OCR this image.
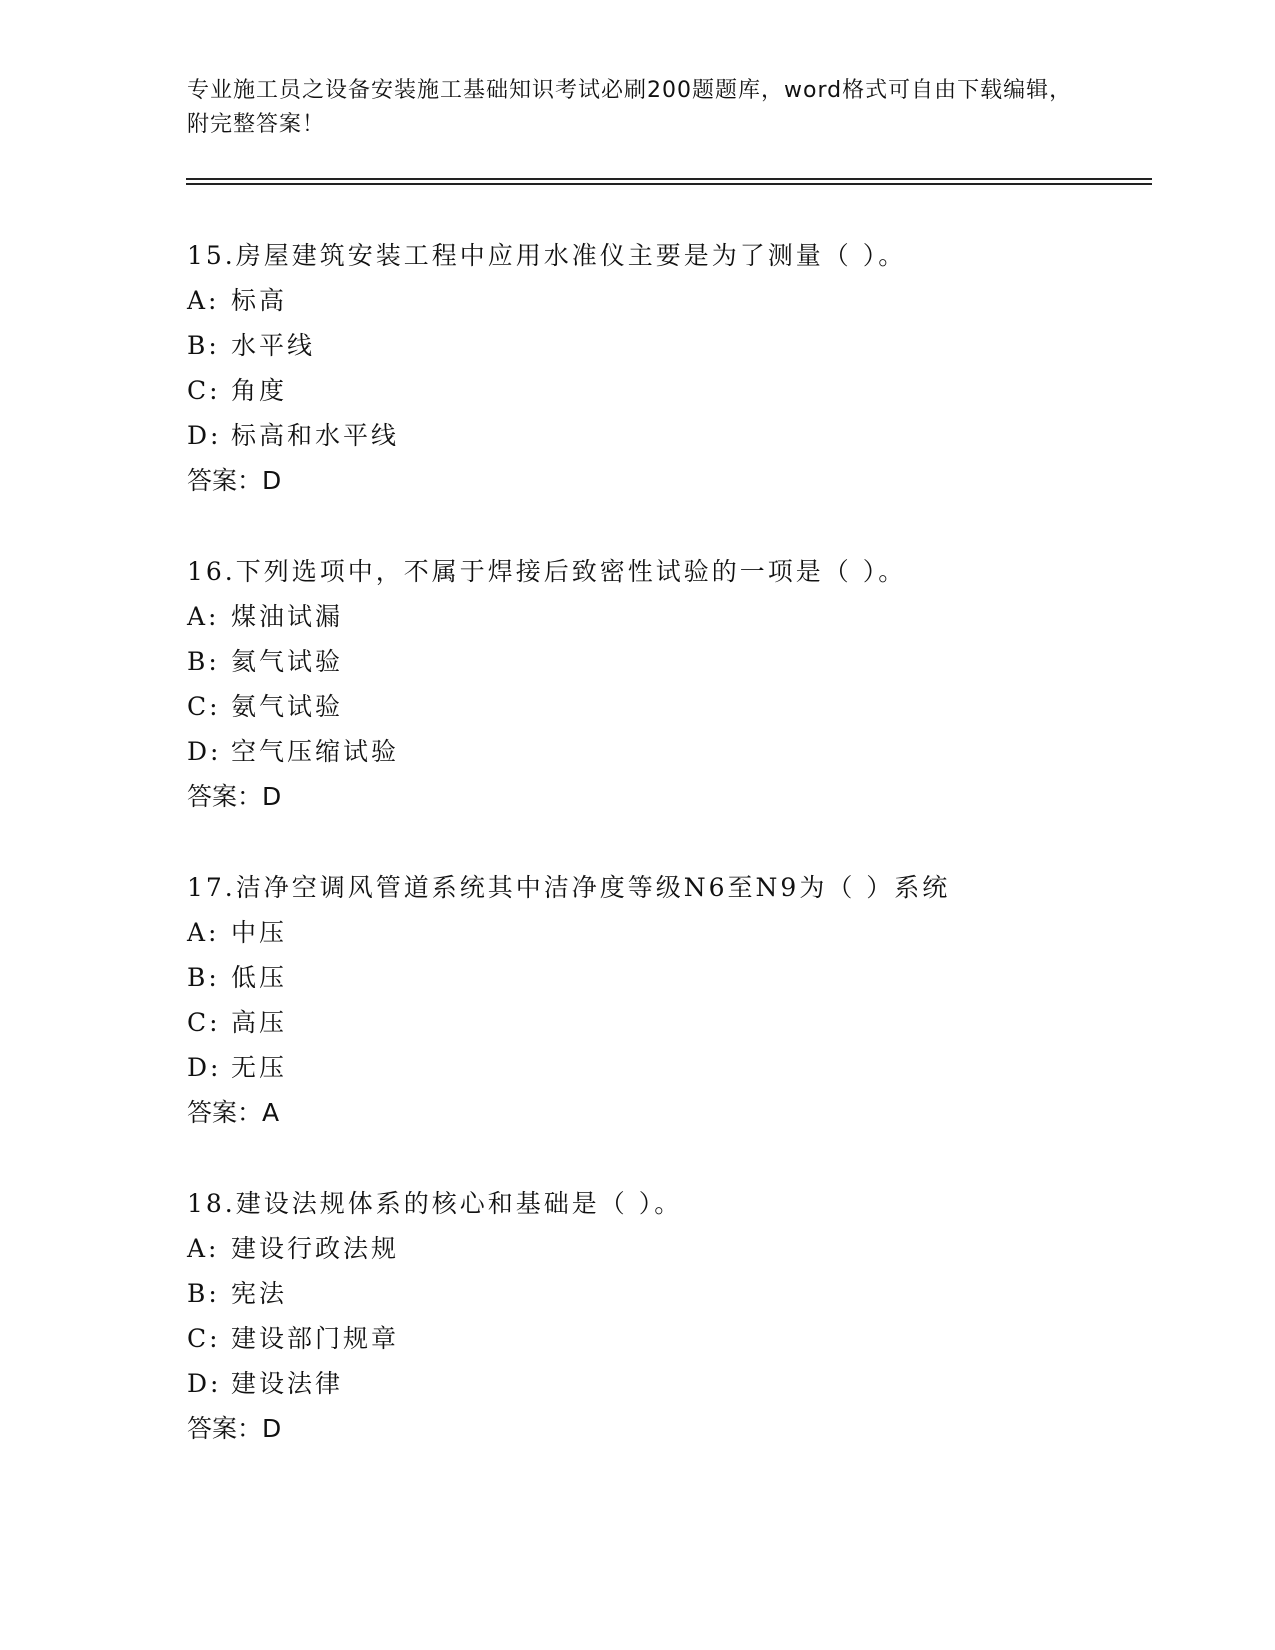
专业施工员之设备安装施工基础知识考试必刷200题题库，word格式可自由下载编辑，附完整答案！
15.房屋建筑安装工程中应用水准仪主要是为了测量（ ）。
A: 标高
B: 水平线
C: 角度
D: 标高和水平线
答案：D
16.下列选项中，不属于焊接后致密性试验的一项是（ ）。
A: 煤油试漏
B: 氦气试验
C: 氨气试验
D: 空气压缩试验
答案：D
17.洁净空调风管道系统其中洁净度等级N6至N9为（ ）系统
A: 中压
B: 低压
C: 高压
D: 无压
答案：A
18.建设法规体系的核心和基础是（ ）。
A: 建设行政法规
B: 宪法
C: 建设部门规章
D: 建设法律
答案：D
